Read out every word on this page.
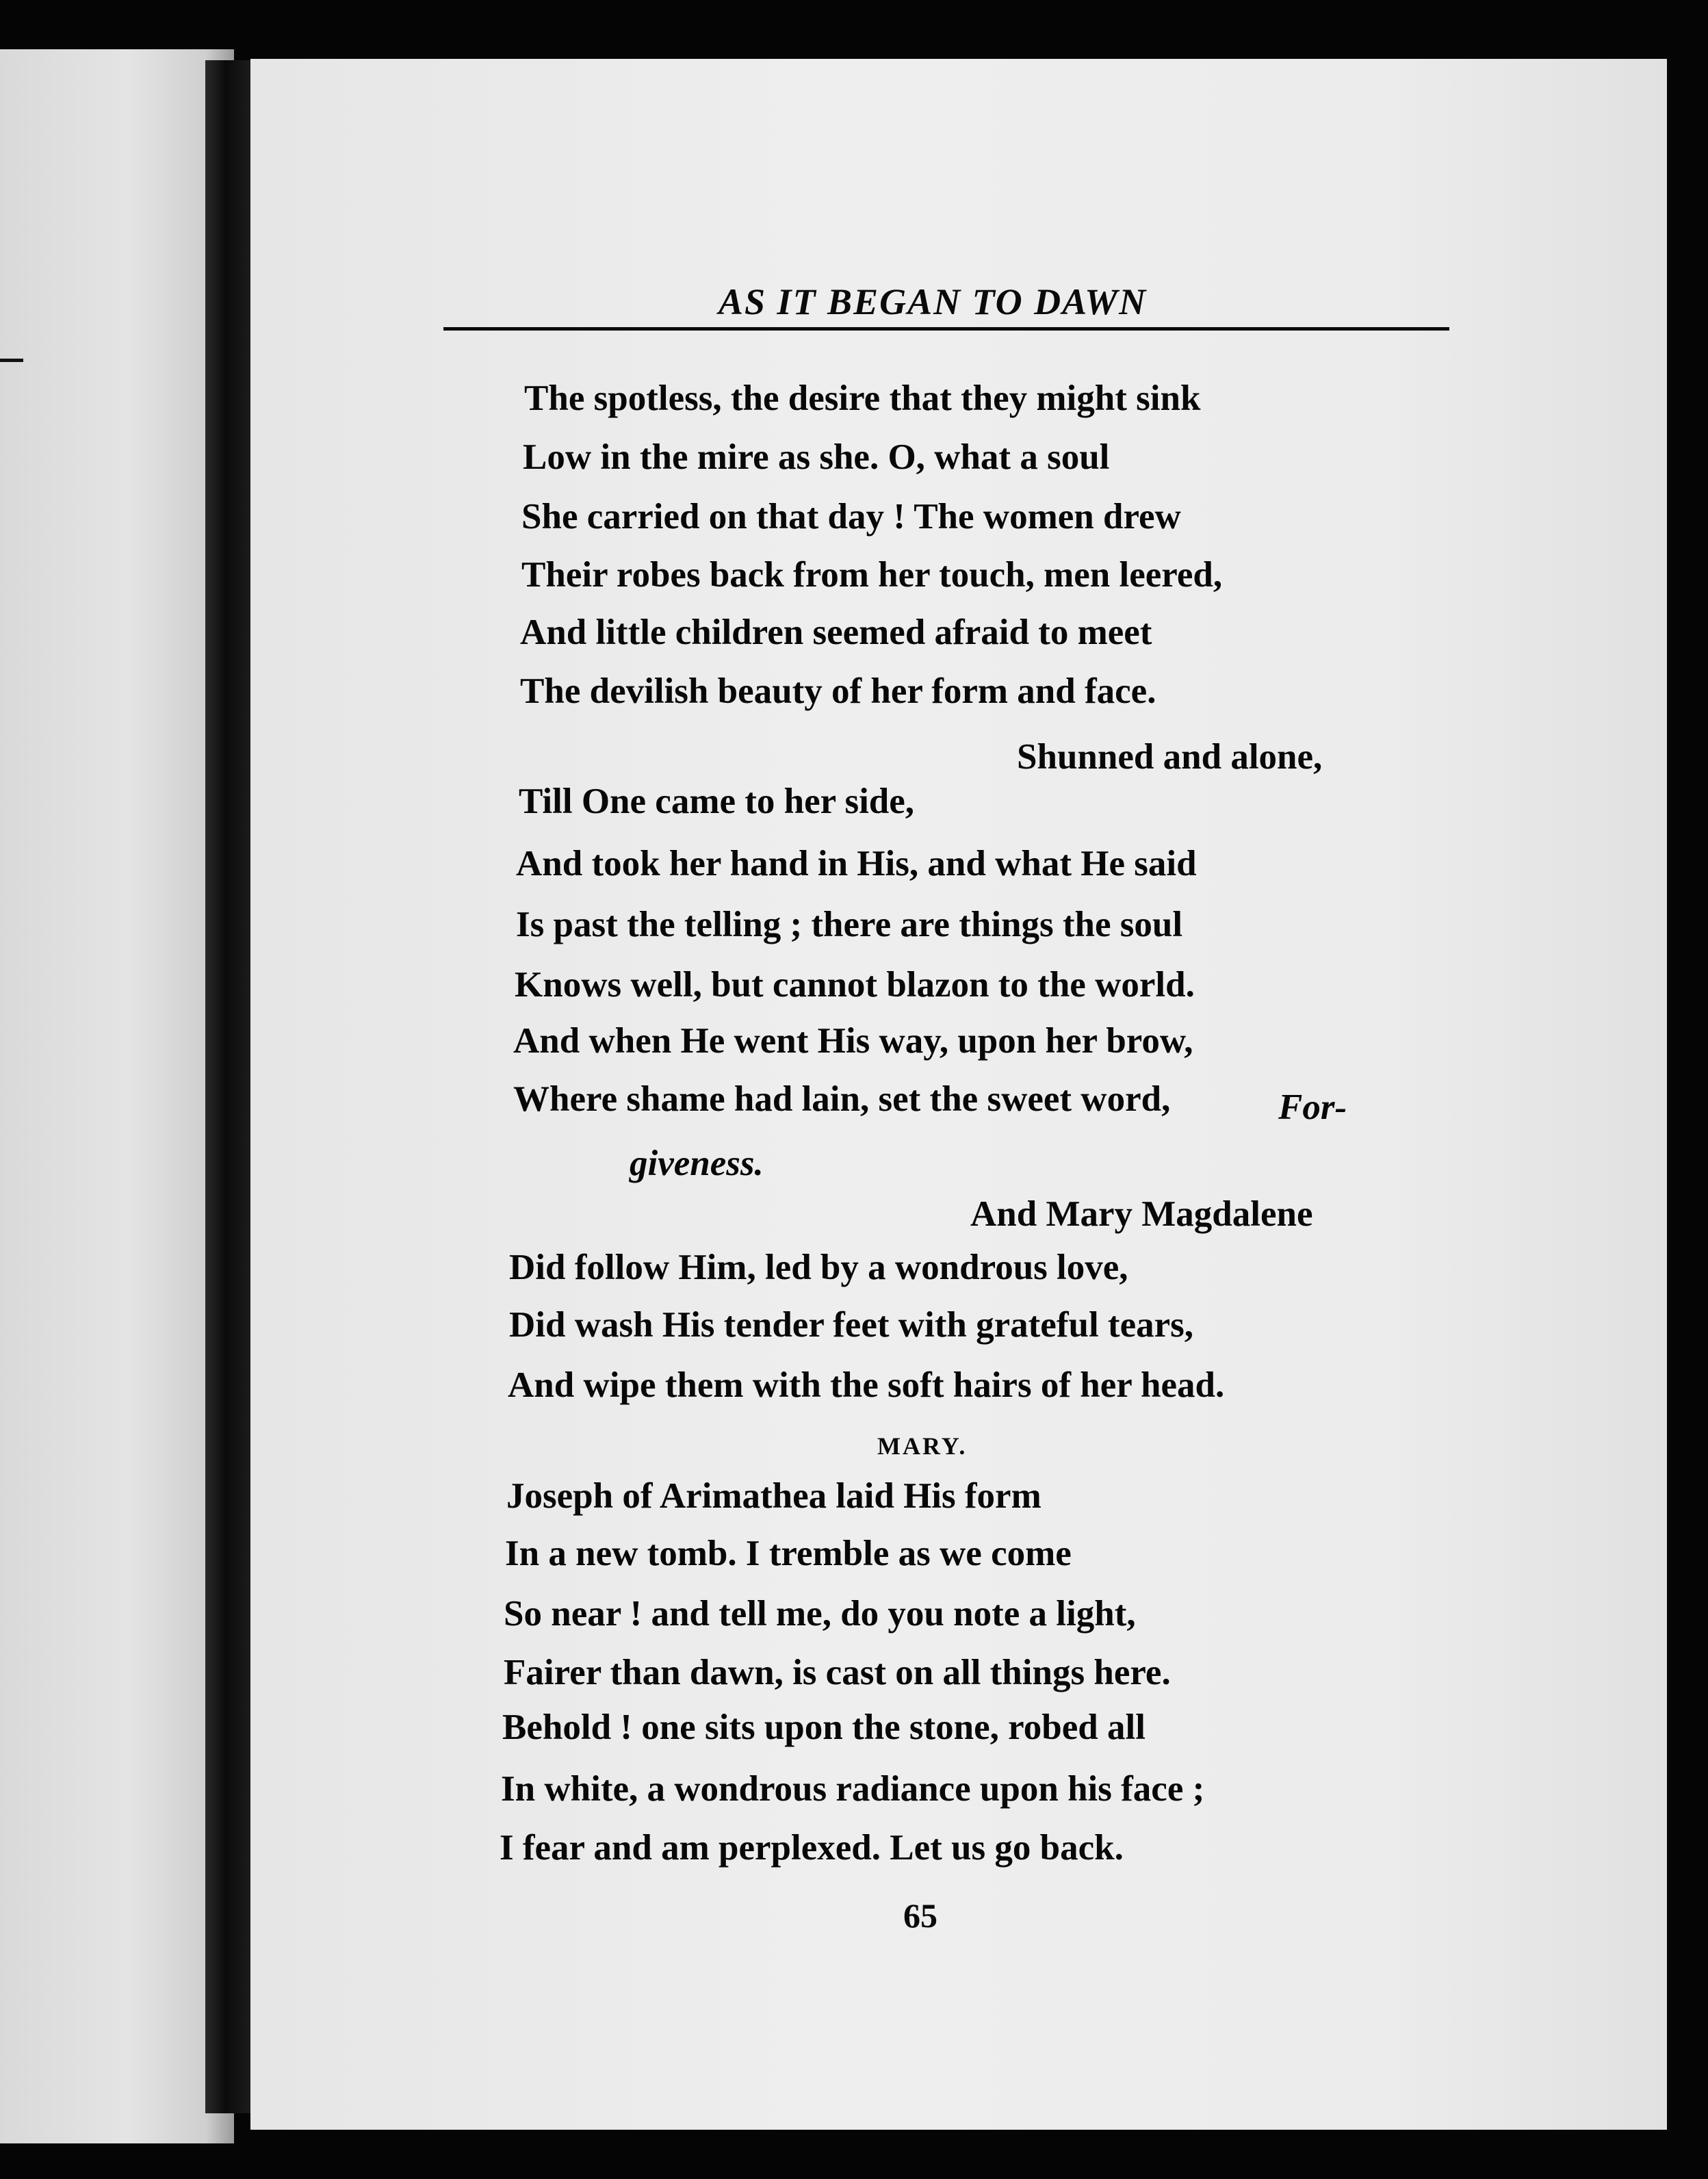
AS IT BEGAN TO DAWN
The spotless, the desire that they might sink
Low in the mire as she. O, what a soul
She carried on that day ! The women drew
Their robes back from her touch, men leered,
And little children seemed afraid to meet
The devilish beauty of her form and face.
Shunned and alone,
Till One came to her side,
And took her hand in His, and what He said
Is past the telling ; there are things the soul
Knows well, but cannot blazon to the world.
And when He went His way, upon her brow,
Where shame had lain, set the sweet word,	For-
giveness.
And Mary Magdalene
Did follow Him, led by a wondrous love,
Did wash His tender feet with grateful tears,
And wipe them with the soft hairs of her head.
MARY.
Joseph of Arimathea laid His form
In a new tomb. I tremble as we come
So near ! and tell me, do you note a light,
Fairer than dawn, is cast on all things here.
Behold ! one sits upon the stone, robed all
In white, a wondrous radiance upon his face ;
I fear and am perplexed. Let us go back.
65
